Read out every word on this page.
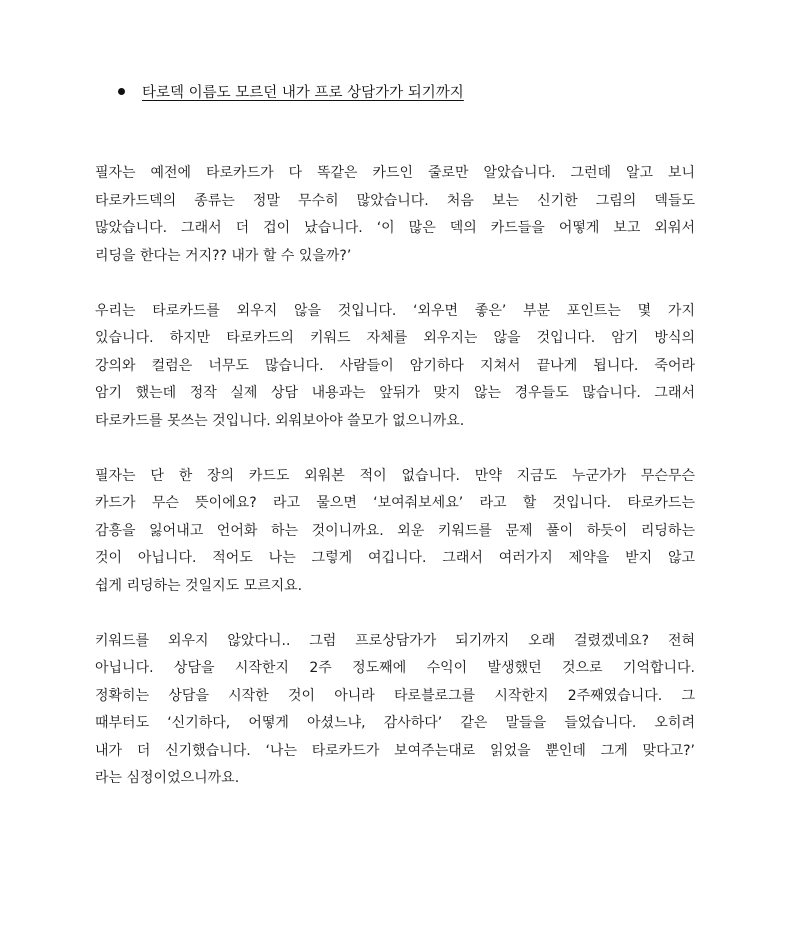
타로덱 이름도 모르던 내가 프로 상담가가 되기까지

필자는 예전에 타로카드가 다 똑같은 카드인 줄로만 알았습니다. 그런데 알고 보니
타로카드덱의 종류는 정말 무수히 많았습니다. 처음 보는 신기한 그림의 덱들도
많았습니다. 그래서 더 겁이 났습니다. ‘이 많은 덱의 카드들을 어떻게 보고 외워서
리딩을 한다는 거지?? 내가 할 수 있을까?’

우리는 타로카드를 외우지 않을 것입니다. ‘외우면 좋은’ 부분 포인트는 몇 가지
있습니다. 하지만 타로카드의 키워드 자체를 외우지는 않을 것입니다. 암기 방식의
강의와 컬럼은 너무도 많습니다. 사람들이 암기하다 지쳐서 끝나게 됩니다. 죽어라
암기 했는데 정작 실제 상담 내용과는 앞뒤가 맞지 않는 경우들도 많습니다. 그래서
타로카드를 못쓰는 것입니다. 외워보아야 쓸모가 없으니까요.

필자는 단 한 장의 카드도 외워본 적이 없습니다. 만약 지금도 누군가가 무슨무슨
카드가 무슨 뜻이에요? 라고 물으면 ‘보여줘보세요’ 라고 할 것입니다. 타로카드는
감흥을 잃어내고 언어화 하는 것이니까요. 외운 키워드를 문제 풀이 하듯이 리딩하는
것이 아닙니다. 적어도 나는 그렇게 여깁니다. 그래서 여러가지 제약을 받지 않고
쉽게 리딩하는 것일지도 모르지요.

키워드를 외우지 않았다니.. 그럼 프로상담가가 되기까지 오래 걸렸겠네요? 전혀
아닙니다. 상담을 시작한지 2주 정도째에 수익이 발생했던 것으로 기억합니다.
정확히는 상담을 시작한 것이 아니라 타로블로그를 시작한지 2주째였습니다. 그
때부터도 ‘신기하다, 어떻게 아셨느냐, 감사하다’ 같은 말들을 들었습니다. 오히려
내가 더 신기했습니다. ‘나는 타로카드가 보여주는대로 읽었을 뿐인데 그게 맞다고?’
라는 심정이었으니까요.
